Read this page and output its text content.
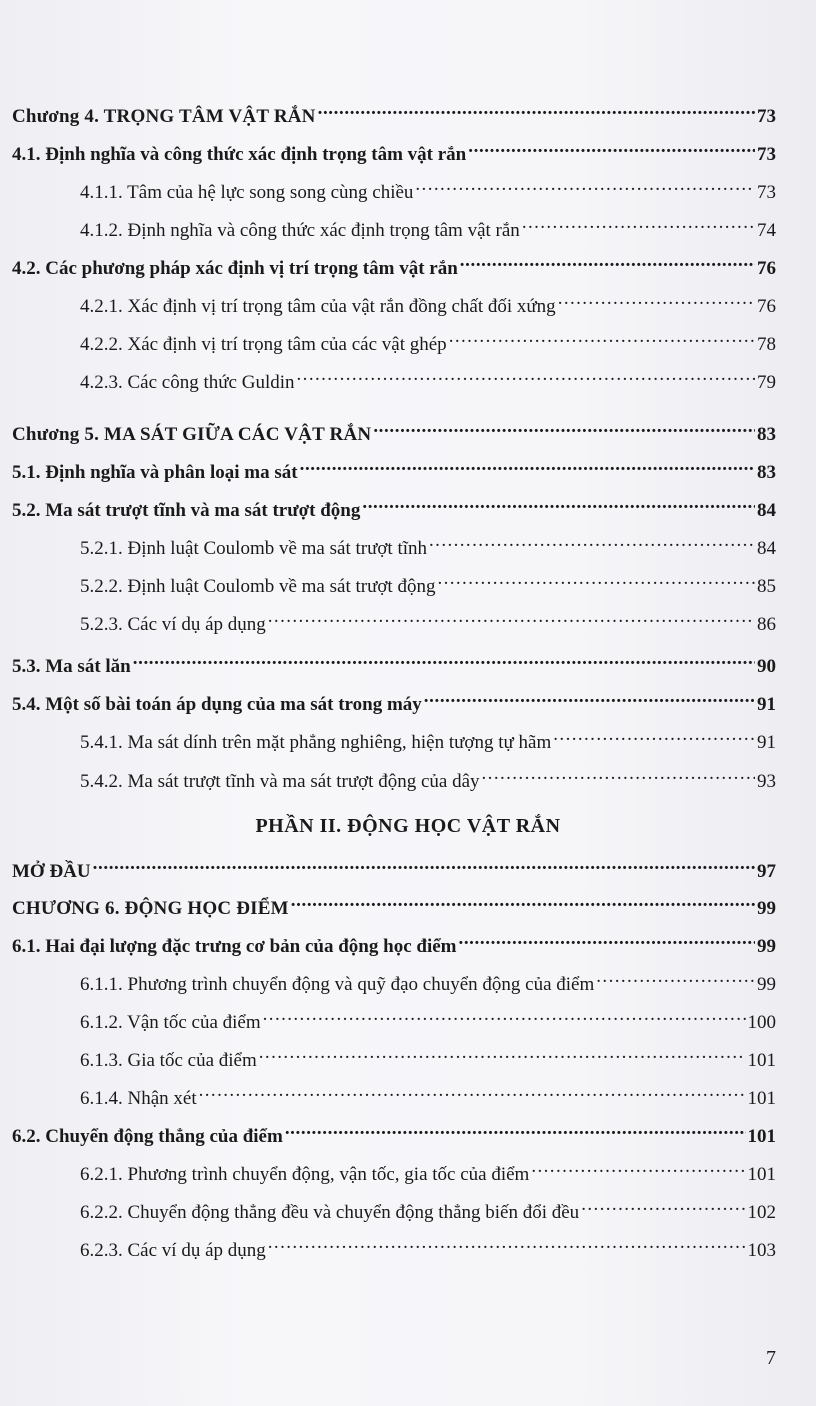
Chương 4. TRỌNG TÂM VẬT RẮN .....	73
4.1. Định nghĩa và công thức xác định trọng tâm vật rắn .....	73
4.1.1. Tâm của hệ lực song song cùng chiều .....	73
4.1.2. Định nghĩa và công thức xác định trọng tâm vật rắn .....	74
4.2. Các phương pháp xác định vị trí trọng tâm vật rắn .....	76
4.2.1. Xác định vị trí trọng tâm của vật rắn đồng chất đối xứng .....	76
4.2.2. Xác định vị trí trọng tâm của các vật ghép .....	78
4.2.3. Các công thức Guldin .....	79
Chương 5. MA SÁT GIỮA CÁC VẬT RẮN .....	83
5.1. Định nghĩa và phân loại ma sát .....	83
5.2. Ma sát trượt tĩnh và ma sát trượt động .....	84
5.2.1. Định luật Coulomb về ma sát trượt tĩnh .....	84
5.2.2. Định luật Coulomb về ma sát trượt động .....	85
5.2.3. Các ví dụ áp dụng .....	86
5.3. Ma sát lăn .....	90
5.4. Một số bài toán áp dụng của ma sát trong máy .....	91
5.4.1. Ma sát dính trên mặt phẳng nghiêng, hiện tượng tự hãm .....	91
5.4.2. Ma sát trượt tĩnh và ma sát trượt động của dây .....	93
PHẦN II. ĐỘNG HỌC VẬT RẮN
MỞ ĐẦU .....	97
CHƯƠNG 6. ĐỘNG HỌC ĐIỂM .....	99
6.1. Hai đại lượng đặc trưng cơ bản của động học điểm .....	99
6.1.1. Phương trình chuyển động và quỹ đạo chuyển động của điểm .....	99
6.1.2. Vận tốc của điểm .....	100
6.1.3. Gia tốc của điểm .....	101
6.1.4. Nhận xét .....	101
6.2. Chuyển động thẳng của điểm .....	101
6.2.1. Phương trình chuyển động, vận tốc, gia tốc của điểm .....	101
6.2.2. Chuyển động thẳng đều và chuyển động thẳng biến đổi đều .....	102
6.2.3. Các ví dụ áp dụng .....	103
7
